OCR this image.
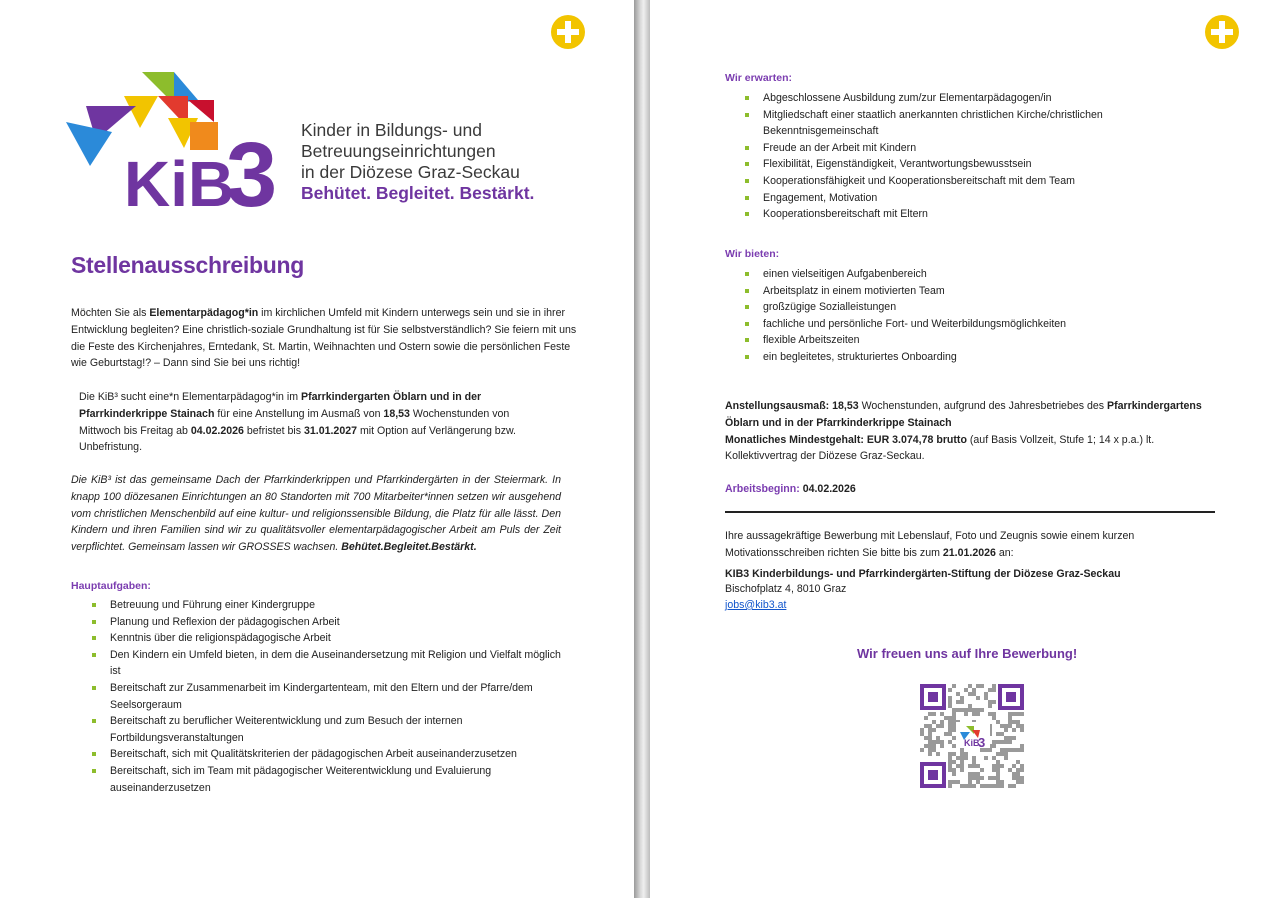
KiB
3 Kinder in Bildungs- und
Betreuungseinrichtungen
in der Diözese Graz-Seckau
Behütet. Begleitet. Bestärkt.
Stellenausschreibung
Möchten Sie als Elementarpädagog*in im kirchlichen Umfeld mit Kindern unterwegs sein und sie in ihrer Entwicklung begleiten? Eine christlich-soziale Grundhaltung ist für Sie selbstverständlich? Sie feiern mit uns die Feste des Kirchenjahres, Erntedank, St. Martin, Weihnachten und Ostern sowie die persönlichen Feste wie Geburtstag!? – Dann sind Sie bei uns richtig!
Die KiB³ sucht eine*n Elementarpädagog*in im Pfarrkindergarten Öblarn und in der Pfarrkinderkrippe Stainach für eine Anstellung im Ausmaß von 18,53 Wochenstunden von Mittwoch bis Freitag ab 04.02.2026 befristet bis 31.01.2027 mit Option auf Verlängerung bzw. Unbefristung.
Die KiB³ ist das gemeinsame Dach der Pfarrkinderkrippen und Pfarrkindergärten in der Steiermark. In knapp 100 diözesanen Einrichtungen an 80 Standorten mit 700 Mitarbeiter*innen setzen wir ausgehend vom christlichen Menschenbild auf eine kultur- und religionssensible Bildung, die Platz für alle lässt. Den Kindern und ihren Familien sind wir zu qualitätsvoller elementarpädagogischer Arbeit am Puls der Zeit verpflichtet. Gemeinsam lassen wir GROSSES wachsen. Behütet.Begleitet.Bestärkt.
Hauptaufgaben:
Betreuung und Führung einer Kindergruppe
Planung und Reflexion der pädagogischen Arbeit
Kenntnis über die religionspädagogische Arbeit
Den Kindern ein Umfeld bieten, in dem die Auseinandersetzung mit Religion und Vielfalt möglich ist
Bereitschaft zur Zusammenarbeit im Kindergartenteam, mit den Eltern und der Pfarre/dem Seelsorgeraum
Bereitschaft zu beruflicher Weiterentwicklung und zum Besuch der internen Fortbildungsveranstaltungen
Bereitschaft, sich mit Qualitätskriterien der pädagogischen Arbeit auseinanderzusetzen
Bereitschaft, sich im Team mit pädagogischer Weiterentwicklung und Evaluierung auseinanderzusetzen
Wir erwarten:
Abgeschlossene Ausbildung zum/zur Elementarpädagogen/in
Mitgliedschaft einer staatlich anerkannten christlichen Kirche/christlichen Bekenntnisgemeinschaft
Freude an der Arbeit mit Kindern
Flexibilität, Eigenständigkeit, Verantwortungsbewusstsein
Kooperationsfähigkeit und Kooperationsbereitschaft mit dem Team
Engagement, Motivation
Kooperationsbereitschaft mit Eltern
Wir bieten:
einen vielseitigen Aufgabenbereich
Arbeitsplatz in einem motivierten Team
großzügige Sozialleistungen
fachliche und persönliche Fort- und Weiterbildungsmöglichkeiten
flexible Arbeitszeiten
ein begleitetes, strukturiertes Onboarding
Anstellungsausmaß: 18,53 Wochenstunden, aufgrund des Jahresbetriebes des Pfarrkindergartens Öblarn und in der Pfarrkinderkrippe Stainach
Monatliches Mindestgehalt: EUR 3.074,78 brutto (auf Basis Vollzeit, Stufe 1; 14 x p.a.) lt. Kollektivvertrag der Diözese Graz-Seckau.
Arbeitsbeginn: 04.02.2026
Ihre aussagekräftige Bewerbung mit Lebenslauf, Foto und Zeugnis sowie einem kurzen Motivationsschreiben richten Sie bitte bis zum 21.01.2026 an:
KIB3 Kinderbildungs- und Pfarrkindergärten-Stiftung der Diözese Graz-Seckau
Bischofplatz 4, 8010 Graz
jobs@kib3.at
Wir freuen uns auf Ihre Bewerbung!
KiB
3
